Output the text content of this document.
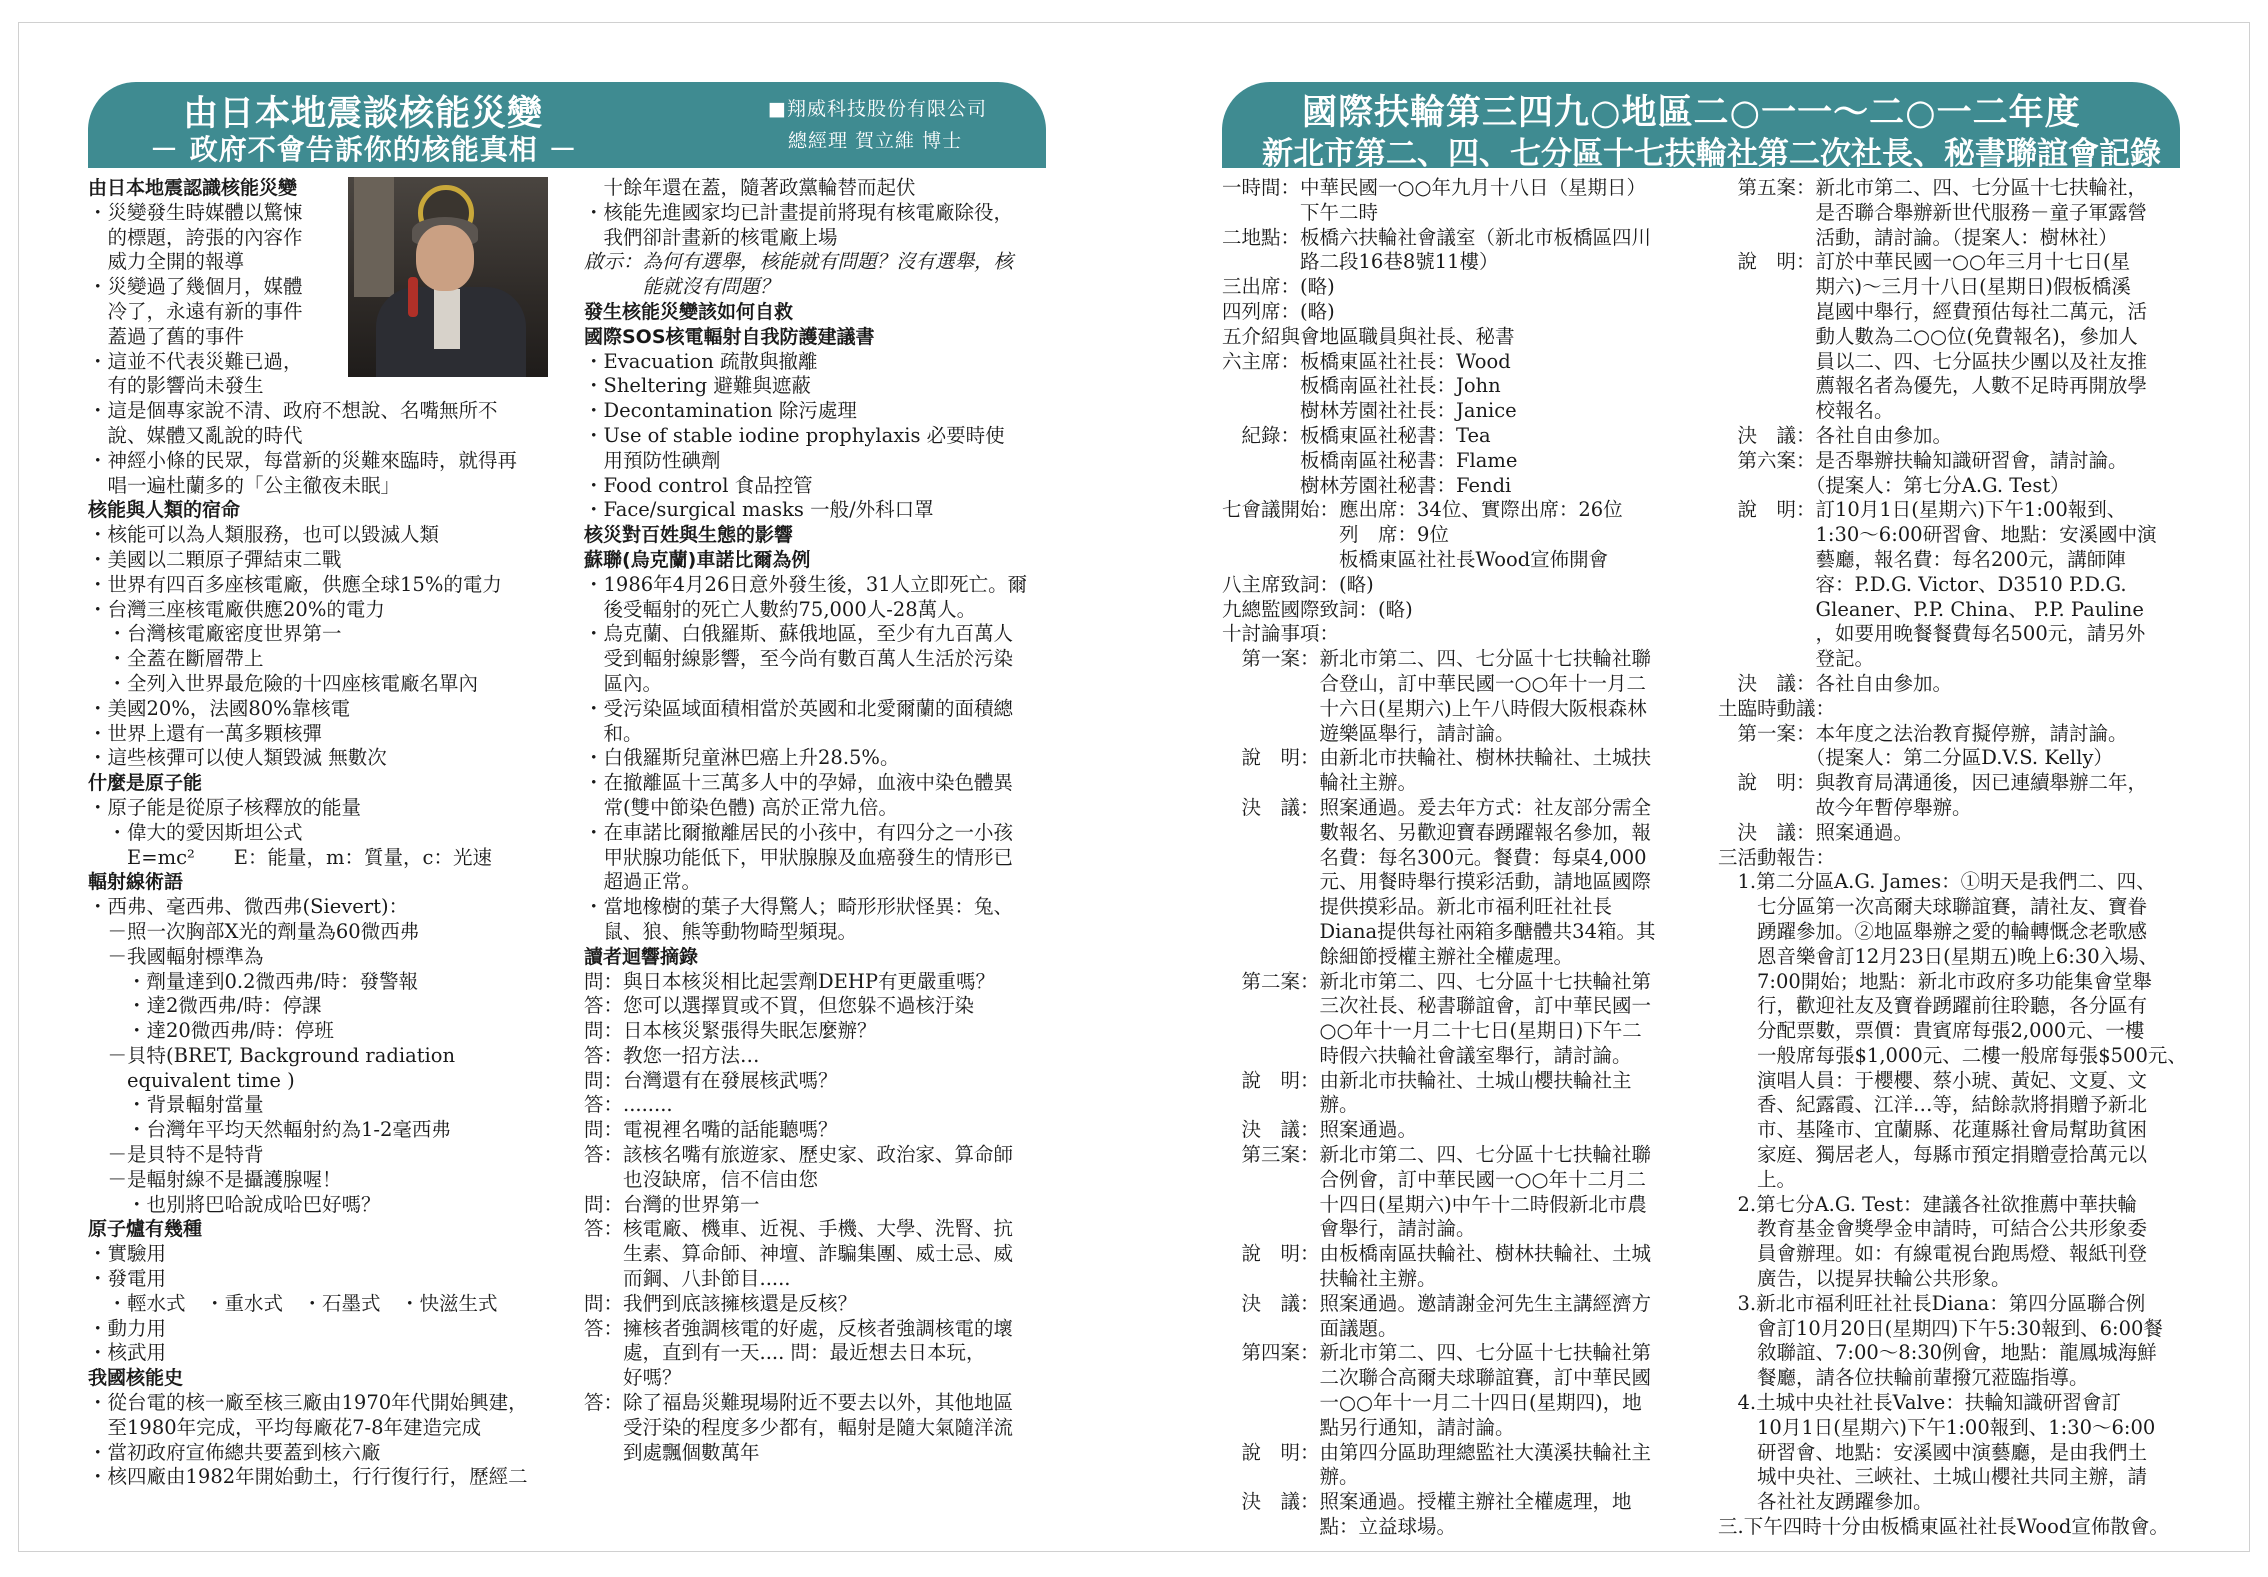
由日本地震談核能災變
－ 政府不會告訴你的核能真相 －
■翔威科技股份有限公司
總經理 賀立維 博士
由日本地震認識核能災變
・災變發生時媒體以驚悚
　的標題，誇張的內容作
　威力全開的報導
・災變過了幾個月，媒體
　冷了，永遠有新的事件
　蓋過了舊的事件
・這並不代表災難已過，
　有的影響尚未發生
・這是個專家說不清、政府不想說、名嘴無所不
　說、媒體又亂說的時代
・神經小條的民眾，每當新的災難來臨時，就得再
　唱一遍杜蘭多的「公主徹夜未眠」
核能與人類的宿命
・核能可以為人類服務，也可以毀滅人類
・美國以二顆原子彈結束二戰
・世界有四百多座核電廠，供應全球15%的電力
・台灣三座核電廠供應20%的電力
　・台灣核電廠密度世界第一
　・全蓋在斷層帶上
　・全列入世界最危險的十四座核電廠名單內
・美國20%，法國80%靠核電
・世界上還有一萬多顆核彈
・這些核彈可以使人類毀滅 無數次
什麼是原子能
・原子能是從原子核釋放的能量
　・偉大的愛因斯坦公式
　　E=mc²　　E：能量，m：質量，c：光速
輻射線術語
・西弗、毫西弗、微西弗(Sievert)：
　－照一次胸部X光的劑量為60微西弗
　－我國輻射標準為
　　・劑量達到0.2微西弗/時：發警報
　　・達2微西弗/時：停課
　　・達20微西弗/時：停班
　－貝特(BRET, Background radiation
　　equivalent time )
　　・背景輻射當量
　　・台灣年平均天然輻射約為1-2毫西弗
　－是貝特不是特背
　－是輻射線不是攝護腺喔！
　　・也別將巴哈說成哈巴好嗎？
原子爐有幾種
・實驗用
・發電用
　・輕水式　・重水式　・石墨式　・快滋生式
・動力用
・核武用
我國核能史
・從台電的核一廠至核三廠由1970年代開始興建，
　至1980年完成，平均每廠花7-8年建造完成
・當初政府宣佈總共要蓋到核六廠
・核四廠由1982年開始動土，行行復行行，歷經二
　十餘年還在蓋，隨著政黨輪替而起伏
・核能先進國家均已計畫提前將現有核電廠除役，
　我們卻計畫新的核電廠上場
啟示：為何有選舉，核能就有問題？沒有選舉，核
　　　能就沒有問題？
發生核能災變該如何自救
國際SOS核電輻射自我防護建議書
・Evacuation 疏散與撤離
・Sheltering 避難與遮蔽
・Decontamination 除污處理
・Use of stable iodine prophylaxis 必要時使
　用預防性碘劑
・Food control 食品控管
・Face/surgical masks 一般/外科口罩
核災對百姓與生態的影響
蘇聯(烏克蘭)車諾比爾為例
・1986年4月26日意外發生後，31人立即死亡。爾
　後受輻射的死亡人數約75,000人-28萬人。
・烏克蘭、白俄羅斯、蘇俄地區，至少有九百萬人
　受到輻射線影響，至今尚有數百萬人生活於污染
　區內。
・受污染區域面積相當於英國和北愛爾蘭的面積總
　和。
・白俄羅斯兒童淋巴癌上升28.5%。
・在撤離區十三萬多人中的孕婦，血液中染色體異
　常(雙中節染色體) 高於正常九倍。
・在車諾比爾撤離居民的小孩中，有四分之一小孩
　甲狀腺功能低下，甲狀腺腺及血癌發生的情形已
　超過正常。
・當地橡樹的葉子大得驚人；畸形形狀怪異：兔、
　鼠、狼、熊等動物畸型頻現。
讀者迴響摘錄
問：與日本核災相比起雲劑DEHP有更嚴重嗎？
答：您可以選擇買或不買，但您躲不過核汙染
問：日本核災緊張得失眠怎麼辦？
答：教您一招方法…
問：台灣還有在發展核武嗎？
答：........
問：電視裡名嘴的話能聽嗎？
答：該核名嘴有旅遊家、歷史家、政治家、算命師
　　也沒缺席，信不信由您
問：台灣的世界第一
答：核電廠、機車、近視、手機、大學、洗腎、抗
　　生素、算命師、神壇、詐騙集團、威士忌、威
　　而鋼、八卦節目.....
問：我們到底該擁核還是反核？
答：擁核者強調核電的好處，反核者強調核電的壞
　　處，直到有一天.... 問：最近想去日本玩，
　　好嗎？
答：除了福島災難現場附近不要去以外，其他地區
　　受汙染的程度多少都有，輻射是隨大氣隨洋流
　　到處飄個數萬年
國際扶輪第三四九○地區二○一一～二○一二年度
新北市第二、四、七分區十七扶輪社第二次社長、秘書聯誼會記錄
一時間：中華民國一○○年九月十八日（星期日）
　　　　下午二時
二地點：板橋六扶輪社會議室（新北市板橋區四川
　　　　路二段16巷8號11樓）
三出席：(略)
四列席：(略)
五介紹與會地區職員與社長、秘書
六主席：板橋東區社社長：Wood
　　　　板橋南區社社長：John
　　　　樹林芳園社社長：Janice
　紀錄：板橋東區社秘書：Tea
　　　　板橋南區社秘書：Flame
　　　　樹林芳園社秘書：Fendi
七會議開始：應出席：34位、實際出席：26位
　　　　　　列　席：9位
　　　　　　板橋東區社社長Wood宣佈開會
八主席致詞：(略)
九總監國際致詞：(略)
十討論事項：
　第一案：新北市第二、四、七分區十七扶輪社聯
　　　　　合登山，訂中華民國一○○年十一月二
　　　　　十六日(星期六)上午八時假大阪根森林
　　　　　遊樂區舉行，請討論。
　說　明：由新北市扶輪社、樹林扶輪社、土城扶
　　　　　輪社主辦。
　決　議：照案通過。爰去年方式：社友部分需全
　　　　　數報名、另歡迎寶春踴躍報名參加，報
　　　　　名費：每名300元。餐費：每桌4,000
　　　　　元、用餐時舉行摸彩活動，請地區國際
　　　　　提供摸彩品。新北市福利旺社社長
　　　　　Diana提供每社兩箱多醣體共34箱。其
　　　　　餘細節授權主辦社全權處理。
　第二案：新北市第二、四、七分區十七扶輪社第
　　　　　三次社長、秘書聯誼會，訂中華民國一
　　　　　○○年十一月二十七日(星期日)下午二
　　　　　時假六扶輪社會議室舉行，請討論。
　說　明：由新北市扶輪社、土城山櫻扶輪社主
　　　　　辦。
　決　議：照案通過。
　第三案：新北市第二、四、七分區十七扶輪社聯
　　　　　合例會，訂中華民國一○○年十二月二
　　　　　十四日(星期六)中午十二時假新北市農
　　　　　會舉行，請討論。
　說　明：由板橋南區扶輪社、樹林扶輪社、土城
　　　　　扶輪社主辦。
　決　議：照案通過。邀請謝金河先生主講經濟方
　　　　　面議題。
　第四案：新北市第二、四、七分區十七扶輪社第
　　　　　二次聯合高爾夫球聯誼賽，訂中華民國
　　　　　一○○年十一月二十四日(星期四)，地
　　　　　點另行通知，請討論。
　說　明：由第四分區助理總監社大漢溪扶輪社主
　　　　　辦。
　決　議：照案通過。授權主辦社全權處理，地
　　　　　點：立益球場。
　第五案：新北市第二、四、七分區十七扶輪社，
　　　　　是否聯合舉辦新世代服務－童子軍露營
　　　　　活動，請討論。（提案人：樹林社）
　說　明：訂於中華民國一○○年三月十七日(星
　　　　　期六)～三月十八日(星期日)假板橋溪
　　　　　崑國中舉行，經費預估每社二萬元，活
　　　　　動人數為二○○位(免費報名)，參加人
　　　　　員以二、四、七分區扶少團以及社友推
　　　　　薦報名者為優先，人數不足時再開放學
　　　　　校報名。
　決　議：各社自由參加。
　第六案：是否舉辦扶輪知識研習會，請討論。
　　　　　（提案人：第七分A.G. Test）
　說　明：訂10月1日(星期六)下午1:00報到、
　　　　　1:30～6:00研習會、地點：安溪國中演
　　　　　藝廳，報名費：每名200元，講師陣
　　　　　容：P.D.G. Victor、D3510 P.D.G.
　　　　　Gleaner、P.P. China、 P.P. Pauline
　　　　　，如要用晚餐餐費每名500元，請另外
　　　　　登記。
　決　議：各社自由參加。
土臨時動議：
　第一案：本年度之法治教育擬停辦，請討論。
　　　　　（提案人：第二分區D.V.S. Kelly）
　說　明：與教育局溝通後，因已連續舉辦二年，
　　　　　故今年暫停舉辦。
　決　議：照案通過。
三活動報告：
　1.第二分區A.G. James：①明天是我們二、四、
　　七分區第一次高爾夫球聯誼賽，請社友、寶眷
　　踴躍參加。②地區舉辦之愛的輪轉慨念老歌感
　　恩音樂會訂12月23日(星期五)晚上6:30入場、
　　7:00開始；地點：新北市政府多功能集會堂舉
　　行，歡迎社友及寶眷踴躍前往聆聽，各分區有
　　分配票數，票價：貴賓席每張2,000元、一樓
　　一般席每張$1,000元、二樓一般席每張$500元、
　　演唱人員：于櫻櫻、蔡小琥、黃妃、文夏、文
　　香、紀露霞、江洋…等，結餘款將捐贈予新北
　　市、基隆市、宜蘭縣、花蓮縣社會局幫助貧困
　　家庭、獨居老人，每縣市預定捐贈壹拾萬元以
　　上。
　2.第七分A.G. Test：建議各社欲推薦中華扶輪
　　教育基金會獎學金申請時，可結合公共形象委
　　員會辦理。如：有線電視台跑馬燈、報紙刊登
　　廣告，以提昇扶輪公共形象。
　3.新北市福利旺社社長Diana：第四分區聯合例
　　會訂10月20日(星期四)下午5:30報到、6:00餐
　　敘聯誼、7:00～8:30例會，地點：龍鳳城海鮮
　　餐廳，請各位扶輪前輩撥冗蒞臨指導。
　4.土城中央社社長Valve：扶輪知識研習會訂
　　10月1日(星期六)下午1:00報到、1:30～6:00
　　研習會、地點：安溪國中演藝廳，是由我們土
　　城中央社、三峽社、土城山櫻社共同主辦，請
　　各社社友踴躍參加。
三.下午四時十分由板橋東區社社長Wood宣佈散會。
